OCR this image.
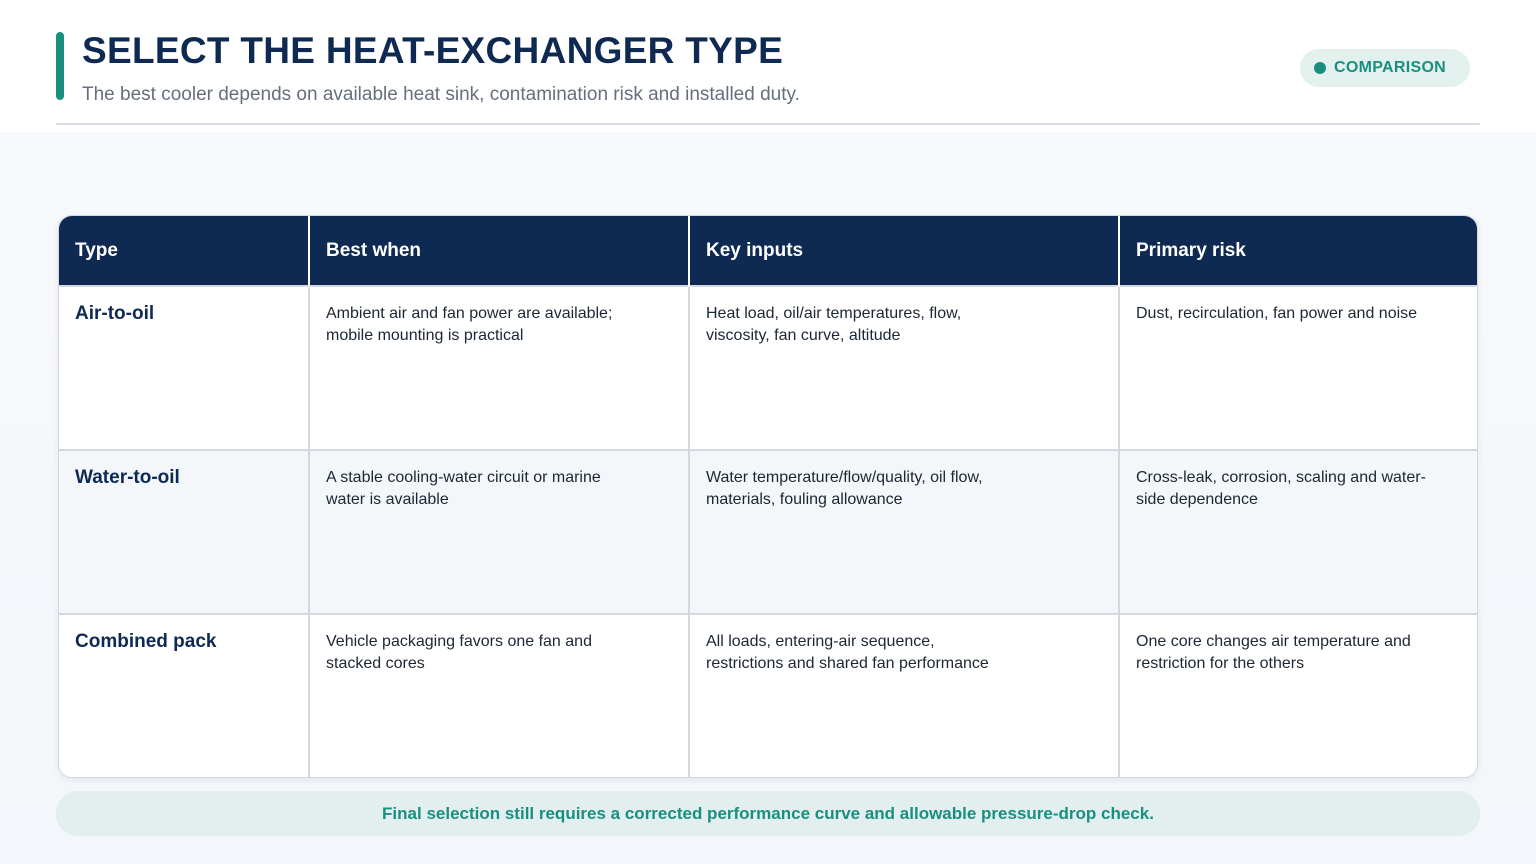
SELECT THE HEAT-EXCHANGER TYPE

The best cooler depends on available heat sink, contamination risk and installed duty.

COMPARISON
Type	Best when	Key inputs	Primary risk
Air-to-oil	Ambient air and fan power are available; mobile mounting is practical	Heat load, oil/air temperatures, flow, viscosity, fan curve, altitude	Dust, recirculation, fan power and noise

Water-to-oil	A stable cooling-water circuit or marine water is available	Water temperature/flow/quality, oil flow, materials, fouling allowance	Cross-leak, corrosion, scaling and water-side dependence

Combined pack	Vehicle packaging favors one fan and stacked cores	All loads, entering-air sequence, restrictions and shared fan performance	One core changes air temperature and restriction for the others
Final selection still requires a corrected performance curve and allowable pressure-drop check.
